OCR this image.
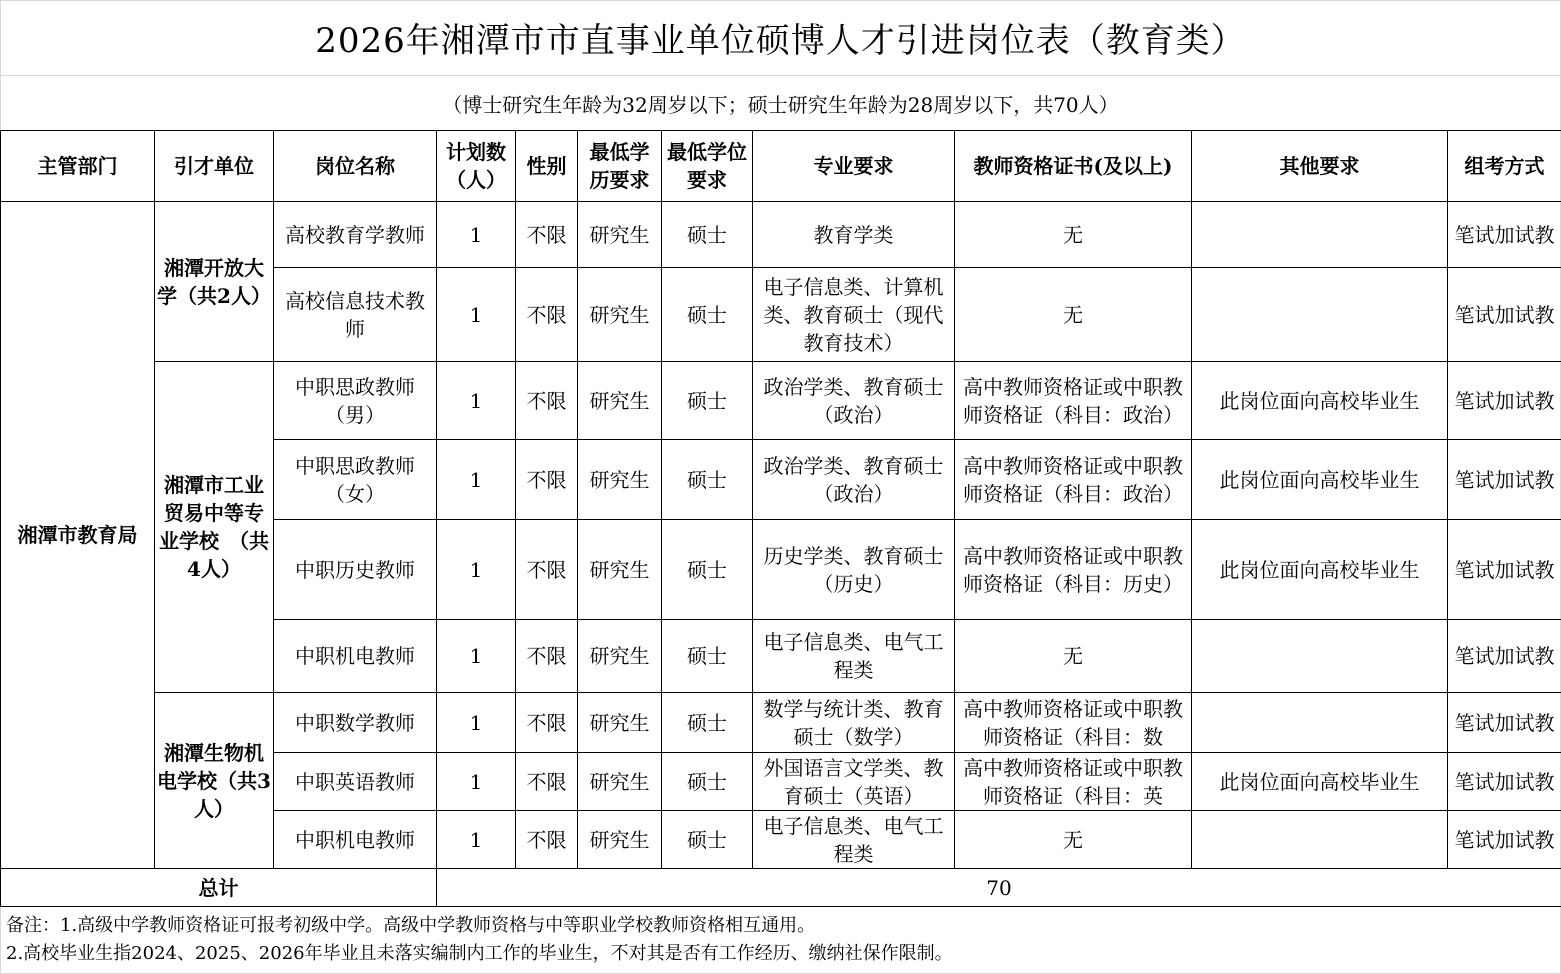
2026年湘潭市市直事业单位硕博人才引进岗位表（教育类）
（博士研究生年龄为32周岁以下；硕士研究生年龄为28周岁以下，共70人）
主管部门	引才单位	岗位名称	计划数（人）	性别	最低学历要求	最低学位要求	专业要求	教师资格证书(及以上)	其他要求	组考方式
湘潭市教育局	湘潭开放大学（共2人）	高校教育学教师	1	不限	研究生	硕士	教育学类	无		笔试加试教
		高校信息技术教师	1	不限	研究生	硕士	电子信息类、计算机类、教育硕士（现代教育技术）	无		笔试加试教
	湘潭市工业贸易中等专业学校　（共4人）	中职思政教师（男）	1	不限	研究生	硕士	政治学类、教育硕士（政治）	高中教师资格证或中职教师资格证（科目：政治）	此岗位面向高校毕业生	笔试加试教
		中职思政教师（女）	1	不限	研究生	硕士	政治学类、教育硕士（政治）	高中教师资格证或中职教师资格证（科目：政治）	此岗位面向高校毕业生	笔试加试教
		中职历史教师	1	不限	研究生	硕士	历史学类、教育硕士（历史）	高中教师资格证或中职教师资格证（科目：历史）	此岗位面向高校毕业生	笔试加试教
		中职机电教师	1	不限	研究生	硕士	电子信息类、电气工程类	无		笔试加试教
	湘潭生物机电学校（共3人）	中职数学教师	1	不限	研究生	硕士	数学与统计类、教育硕士（数学）	高中教师资格证或中职教师资格证（科目：数		笔试加试教
		中职英语教师	1	不限	研究生	硕士	外国语言文学类、教育硕士（英语）	高中教师资格证或中职教师资格证（科目：英	此岗位面向高校毕业生	笔试加试教
		中职机电教师	1	不限	研究生	硕士	电子信息类、电气工程类	无		笔试加试教
总计			70							
备注：1.高级中学教师资格证可报考初级中学。高级中学教师资格与中等职业学校教师资格相互通用。
2.高校毕业生指2024、2025、2026年毕业且未落实编制内工作的毕业生，不对其是否有工作经历、缴纳社保作限制。
